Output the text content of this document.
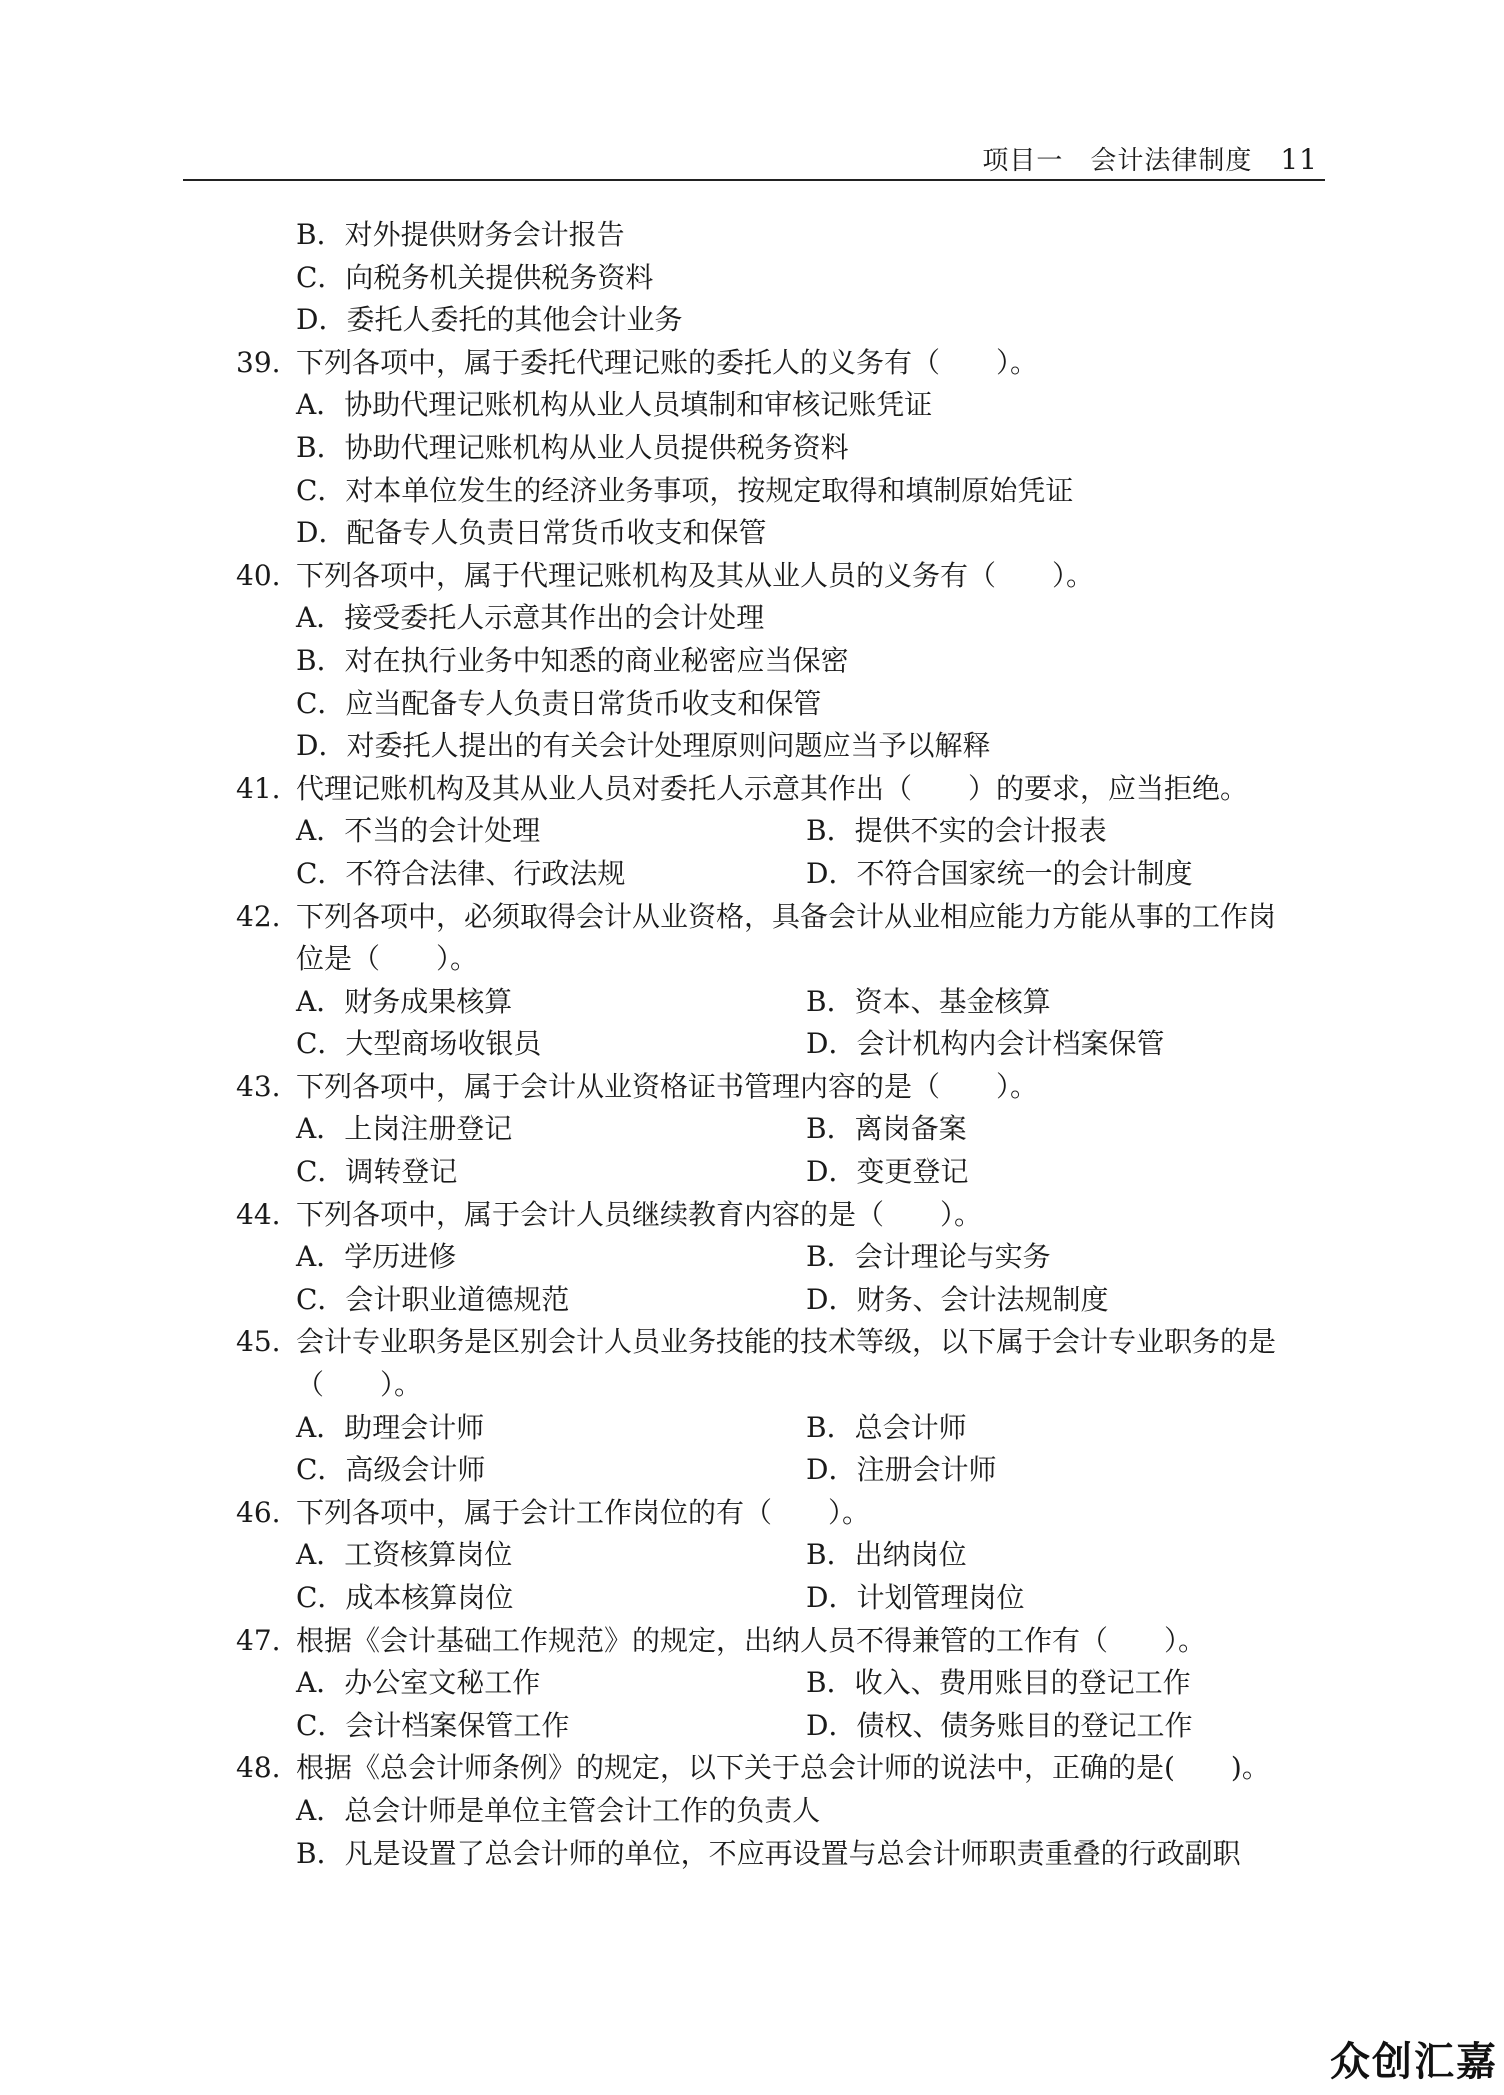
项目一　会计法律制度 11
B．对外提供财务会计报告
C．向税务机关提供税务资料
D．委托人委托的其他会计业务
39. 下列各项中，属于委托代理记账的委托人的义务有（　　）。
A．协助代理记账机构从业人员填制和审核记账凭证
B．协助代理记账机构从业人员提供税务资料
C．对本单位发生的经济业务事项，按规定取得和填制原始凭证
D．配备专人负责日常货币收支和保管
40. 下列各项中，属于代理记账机构及其从业人员的义务有（　　）。
A．接受委托人示意其作出的会计处理
B．对在执行业务中知悉的商业秘密应当保密
C．应当配备专人负责日常货币收支和保管
D．对委托人提出的有关会计处理原则问题应当予以解释
41. 代理记账机构及其从业人员对委托人示意其作出（　　）的要求，应当拒绝。
A．不当的会计处理	B．提供不实的会计报表
C．不符合法律、行政法规	D．不符合国家统一的会计制度
42. 下列各项中，必须取得会计从业资格，具备会计从业相应能力方能从事的工作岗
位是（　　）。
A．财务成果核算	B．资本、基金核算
C．大型商场收银员	D．会计机构内会计档案保管
43. 下列各项中，属于会计从业资格证书管理内容的是（　　）。
A．上岗注册登记	B．离岗备案
C．调转登记	D．变更登记
44. 下列各项中，属于会计人员继续教育内容的是（　　）。
A．学历进修	B．会计理论与实务
C．会计职业道德规范	D．财务、会计法规制度
45. 会计专业职务是区别会计人员业务技能的技术等级，以下属于会计专业职务的是
（　　）。
A．助理会计师	B．总会计师
C．高级会计师	D．注册会计师
46. 下列各项中，属于会计工作岗位的有（　　）。
A．工资核算岗位	B．出纳岗位
C．成本核算岗位	D．计划管理岗位
47. 根据《会计基础工作规范》的规定，出纳人员不得兼管的工作有（　　）。
A．办公室文秘工作	B．收入、费用账目的登记工作
C．会计档案保管工作	D．债权、债务账目的登记工作
48. 根据《总会计师条例》的规定，以下关于总会计师的说法中，正确的是(　　)。
A．总会计师是单位主管会计工作的负责人
B．凡是设置了总会计师的单位，不应再设置与总会计师职责重叠的行政副职
众创汇嘉
